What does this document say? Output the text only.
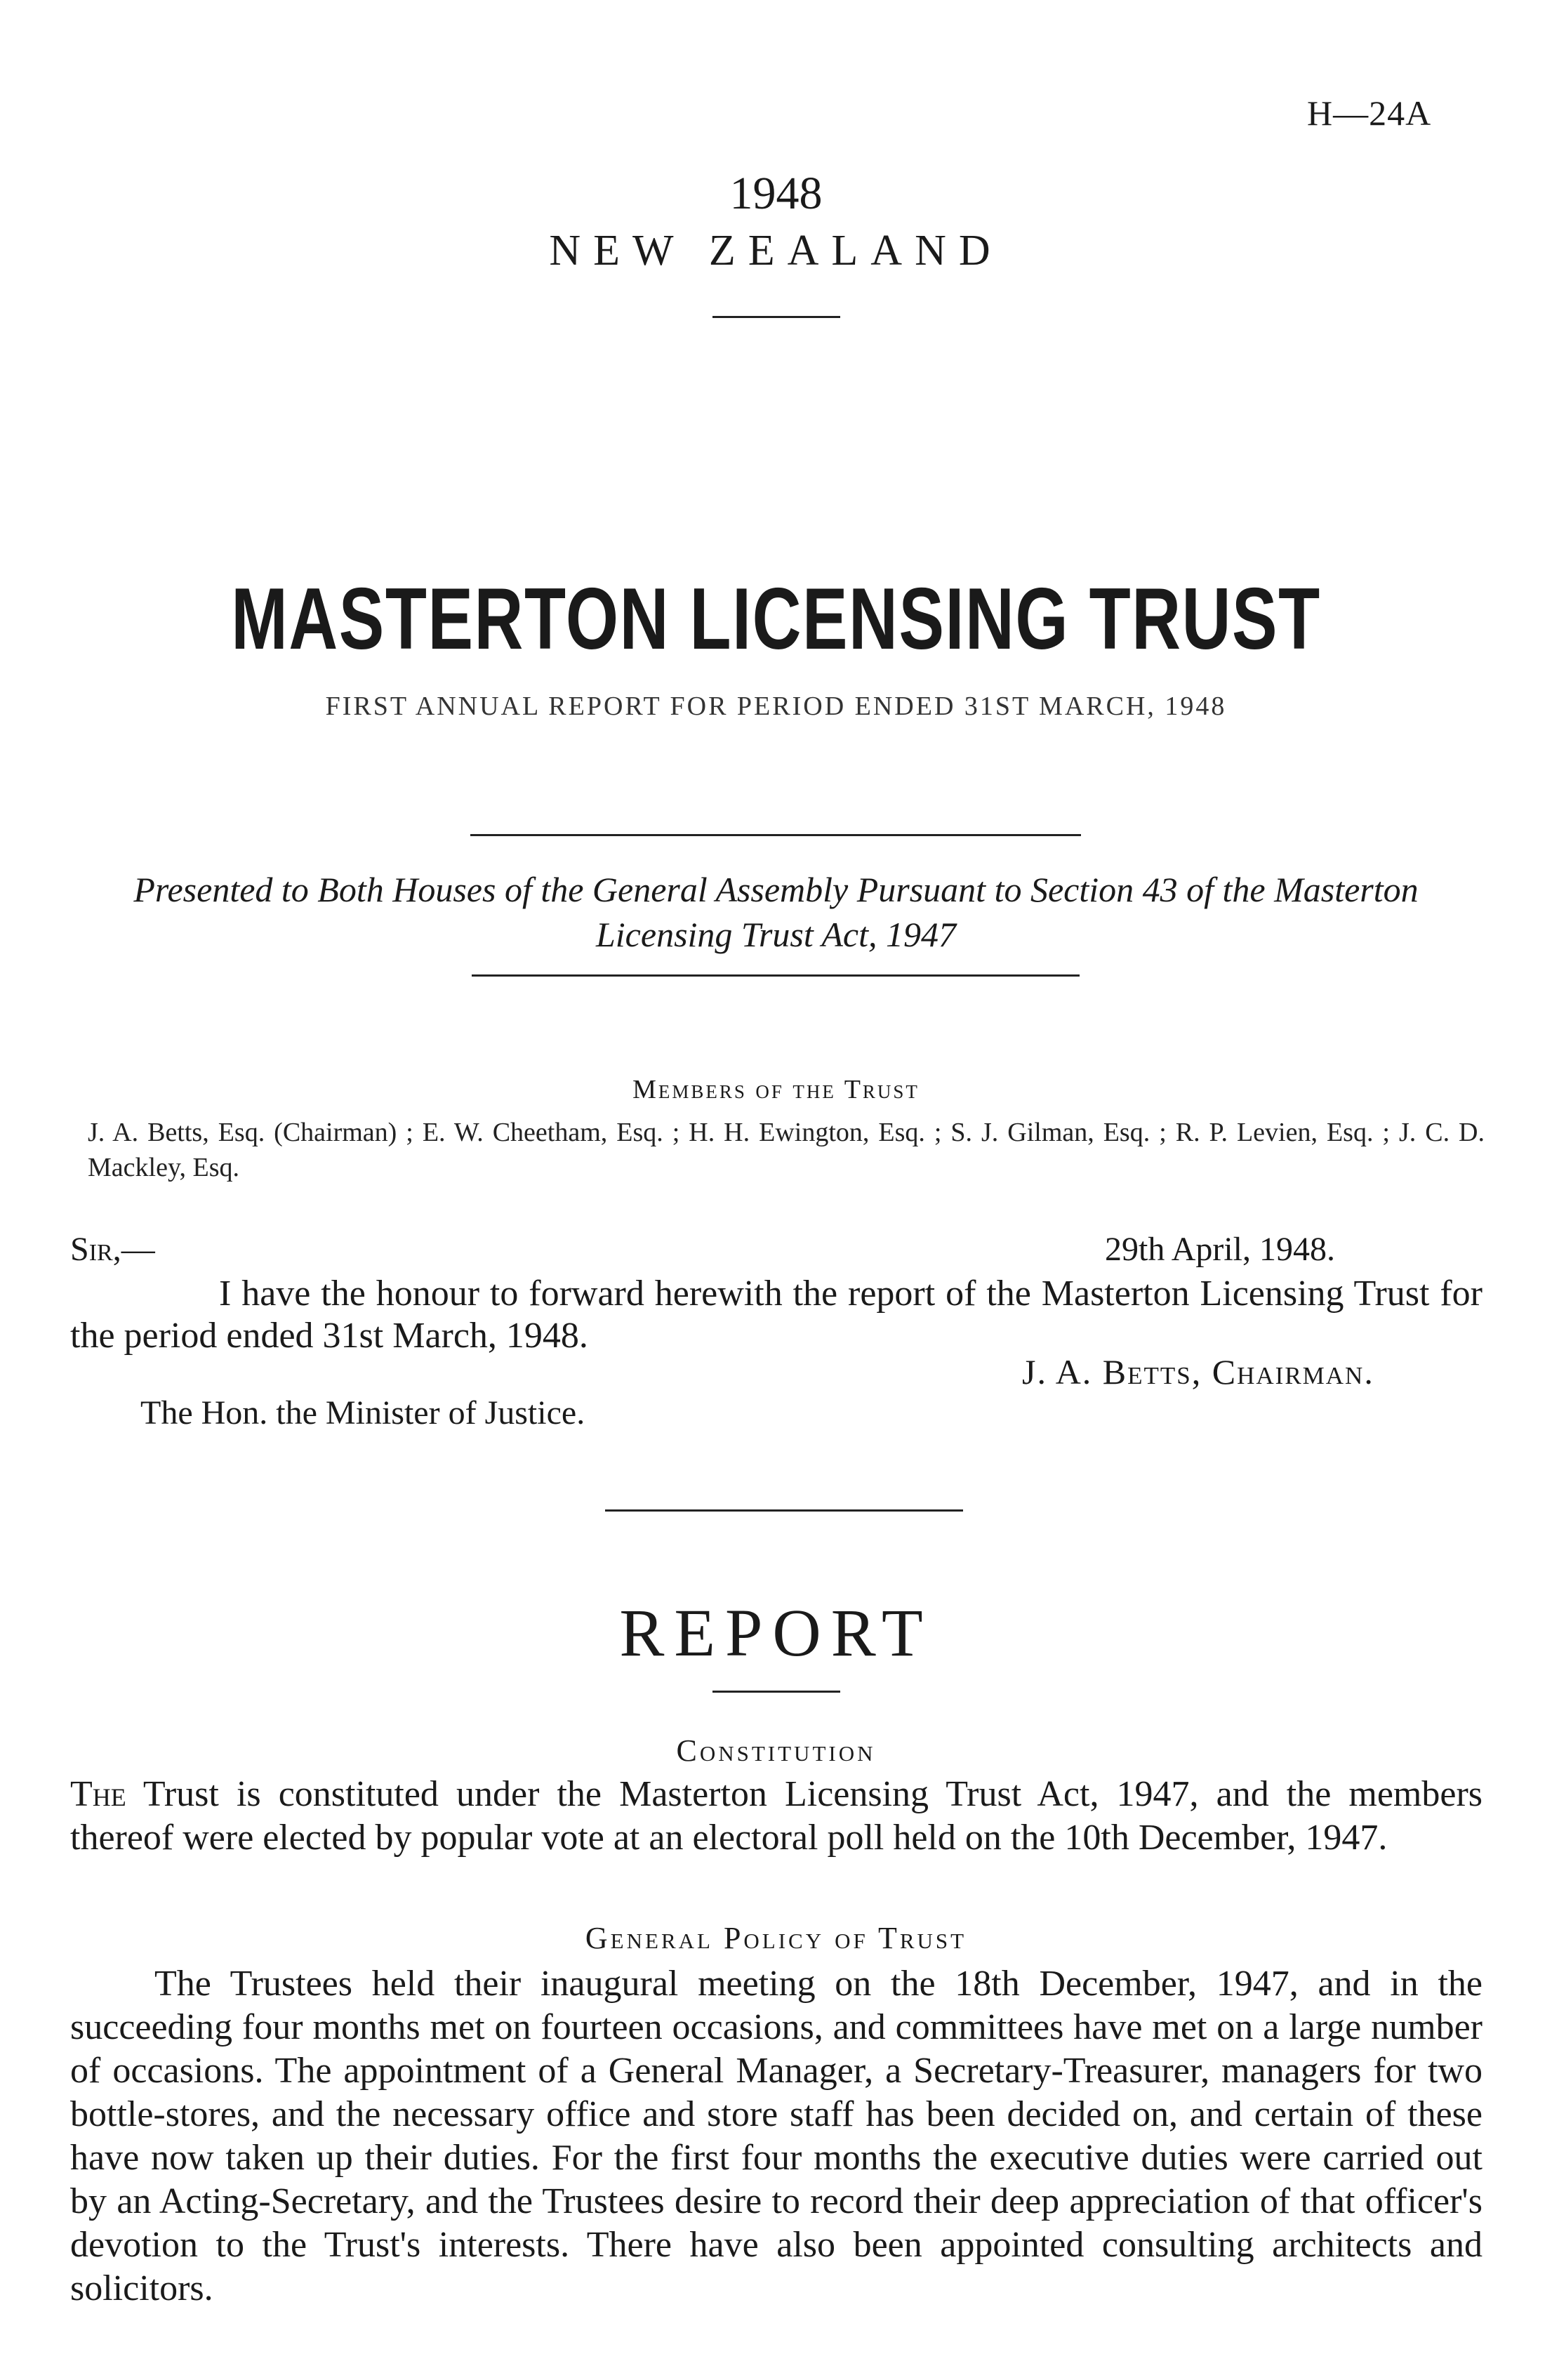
H—24A
1948
NEW ZEALAND
MASTERTON LICENSING TRUST
FIRST ANNUAL REPORT FOR PERIOD ENDED 31ST MARCH, 1948
Presented to Both Houses of the General Assembly Pursuant to Section 43 of the Masterton Licensing Trust Act, 1947
Members of the Trust
J. A. Betts, Esq. (Chairman) ; E. W. Cheetham, Esq. ; H. H. Ewington, Esq. ; S. J. Gilman, Esq. ; R. P. Levien, Esq. ; J. C. D. Mackley, Esq.
Sir,—	29th April, 1948.
I have the honour to forward herewith the report of the Masterton Licensing Trust for the period ended 31st March, 1948.
J. A. Betts, Chairman.
The Hon. the Minister of Justice.
REPORT
Constitution
The Trust is constituted under the Masterton Licensing Trust Act, 1947, and the members thereof were elected by popular vote at an electoral poll held on the 10th December, 1947.
General Policy of Trust
The Trustees held their inaugural meeting on the 18th December, 1947, and in the succeeding four months met on fourteen occasions, and committees have met on a large number of occasions. The appointment of a General Manager, a Secretary-Treasurer, managers for two bottle-stores, and the necessary office and store staff has been decided on, and certain of these have now taken up their duties. For the first four months the executive duties were carried out by an Acting-Secretary, and the Trustees desire to record their deep appreciation of that officer's devotion to the Trust's interests. There have also been appointed consulting architects and solicitors.
